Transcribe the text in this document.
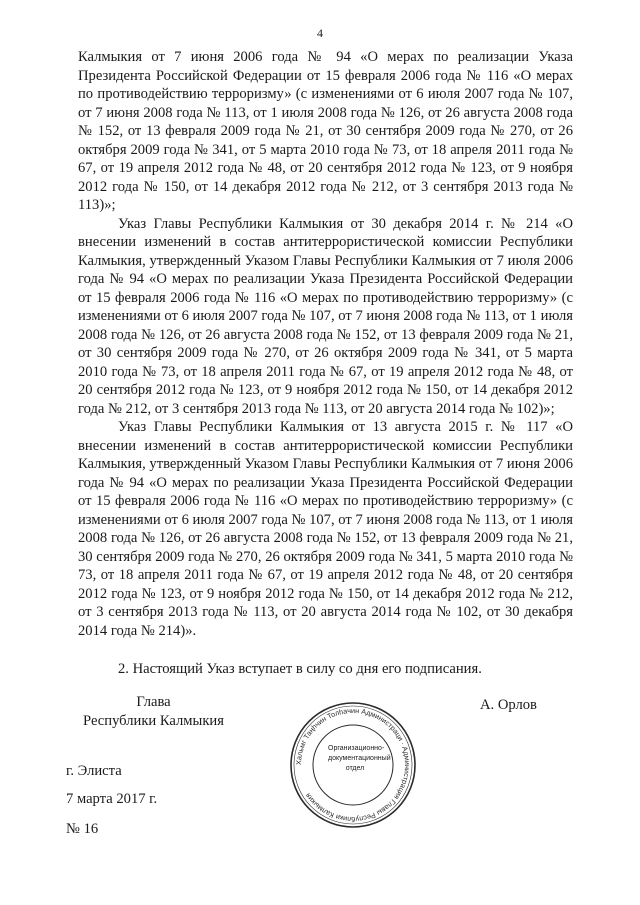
4

Калмыкия от 7 июня 2006 года № 94 «О мерах по реализации Указа Президента Российской Федерации от 15 февраля 2006 года № 116 «О мерах по противодействию терроризму» (с изменениями от 6 июля 2007 года № 107, от 7 июня 2008 года № 113, от 1 июля 2008 года № 126, от 26 августа 2008 года № 152, от 13 февраля 2009 года № 21, от 30 сентября 2009 года № 270, от 26 октября 2009 года № 341, от 5 марта 2010 года № 73, от 18 апреля 2011 года № 67, от 19 апреля 2012 года № 48, от 20 сентября 2012 года № 123, от 9 ноября 2012 года № 150, от 14 декабря 2012 года № 212, от 3 сентября 2013 года № 113)»;

Указ Главы Республики Калмыкия от 30 декабря 2014 г. № 214 «О внесении изменений в состав антитеррористической комиссии Республики Калмыкия, утвержденный Указом Главы Республики Калмыкия от 7 июля 2006 года № 94 «О мерах по реализации Указа Президента Российской Федерации от 15 февраля 2006 года № 116 «О мерах по противодействию терроризму» (с изменениями от 6 июля 2007 года № 107, от 7 июня 2008 года № 113, от 1 июля 2008 года № 126, от 26 августа 2008 года № 152, от 13 февраля 2009 года № 21, от 30 сентября 2009 года № 270, от 26 октября 2009 года № 341, от 5 марта 2010 года № 73, от 18 апреля 2011 года № 67, от 19 апреля 2012 года № 48, от 20 сентября 2012 года № 123, от 9 ноября 2012 года № 150, от 14 декабря 2012 года № 212, от 3 сентября 2013 года № 113, от 20 августа 2014 года № 102)»;

Указ Главы Республики Калмыкия от 13 августа 2015 г. № 117 «О внесении изменений в состав антитеррористической комиссии Республики Калмыкия, утвержденный Указом Главы Республики Калмыкия от 7 июня 2006 года № 94 «О мерах по реализации Указа Президента Российской Федерации от 15 февраля 2006 года № 116 «О мерах по противодействию терроризму» (с изменениями от 6 июля 2007 года № 107, от 7 июня 2008 года № 113, от 1 июля 2008 года № 126, от 26 августа 2008 года № 152, от 13 февраля 2009 года № 21, 30 сентября 2009 года № 270, 26 октября 2009 года № 341, 5 марта 2010 года № 73, от 18 апреля 2011 года № 67, от 19 апреля 2012 года № 48, от 20 сентября 2012 года № 123, от 9 ноября 2012 года № 150, от 14 декабря 2012 года № 212, от 3 сентября 2013 года № 113, от 20 августа 2014 года № 102, от 30 декабря 2014 года № 214)».

2. Настоящий Указ вступает в силу со дня его подписания.
Глава
Республики Калмыкия
А. Орлов
г. Элиста
7 марта 2017 г.
№ 16
Хальмг Таңһчин Толһачин Администраци · Администрация Главы Республики Калмыкия
Организационно-
документационный
отдел
